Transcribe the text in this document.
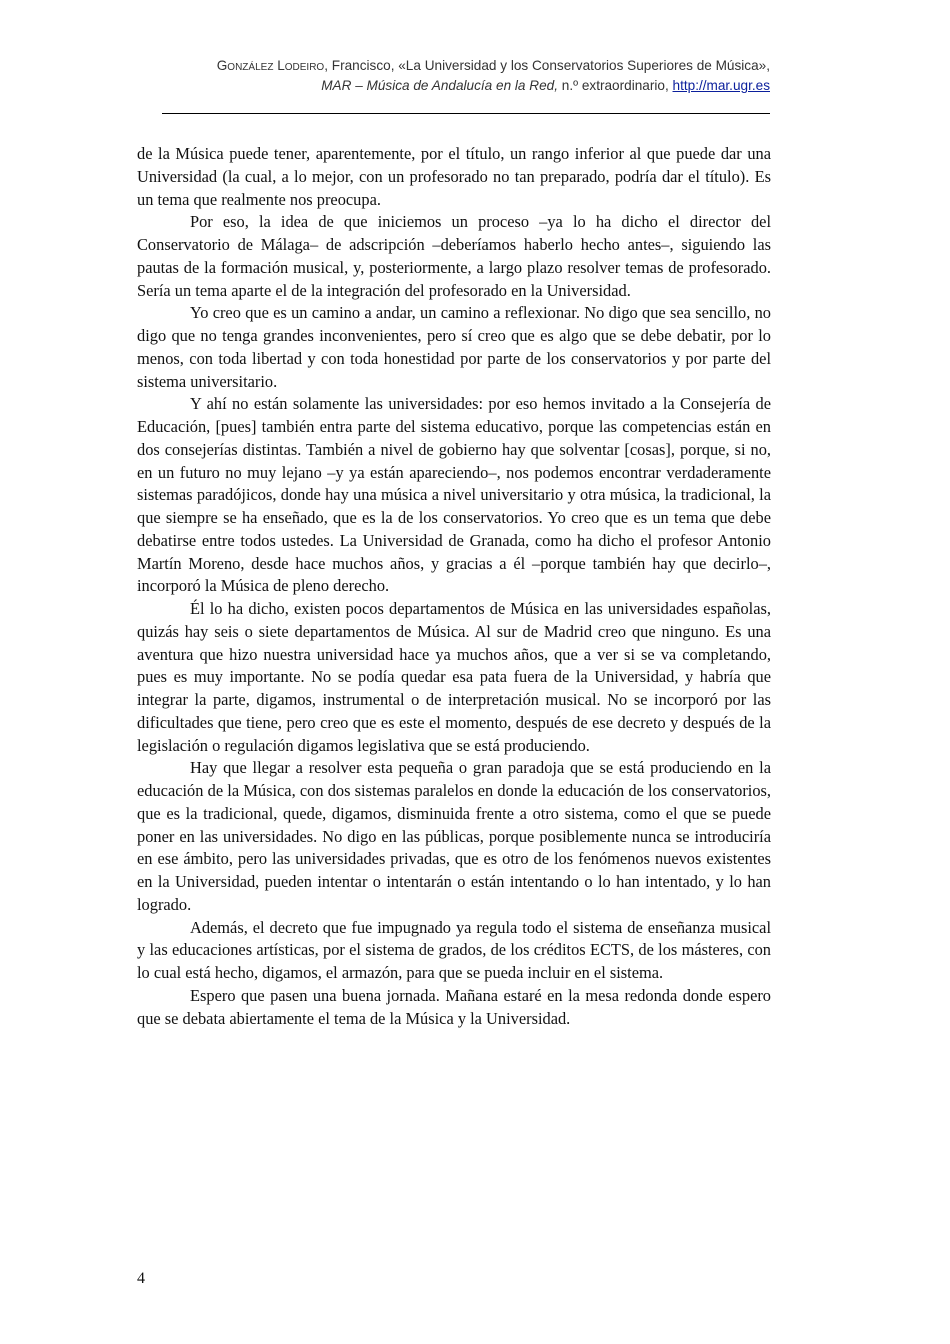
González Lodeiro, Francisco, «La Universidad y los Conservatorios Superiores de Música»,
MAR – Música de Andalucía en la Red, n.º extraordinario, http://mar.ugr.es

de la Música puede tener, aparentemente, por el título, un rango inferior al que puede dar una Universidad (la cual, a lo mejor, con un profesorado no tan preparado, podría dar el título). Es un tema que realmente nos preocupa.

Por eso, la idea de que iniciemos un proceso –ya lo ha dicho el director del Conservatorio de Málaga– de adscripción –deberíamos haberlo hecho antes–, siguiendo las pautas de la formación musical, y, posteriormente, a largo plazo resolver temas de profesorado. Sería un tema aparte el de la integración del profesorado en la Universidad.

Yo creo que es un camino a andar, un camino a reflexionar. No digo que sea sencillo, no digo que no tenga grandes inconvenientes, pero sí creo que es algo que se debe debatir, por lo menos, con toda libertad y con toda honestidad por parte de los conservatorios y por parte del sistema universitario.

Y ahí no están solamente las universidades: por eso hemos invitado a la Consejería de Educación, [pues] también entra parte del sistema educativo, porque las competencias están en dos consejerías distintas. También a nivel de gobierno hay que solventar [cosas], porque, si no, en un futuro no muy lejano –y ya están apareciendo–, nos podemos encontrar verdaderamente sistemas paradójicos, donde hay una música a nivel universitario y otra música, la tradicional, la que siempre se ha enseñado, que es la de los conservatorios. Yo creo que es un tema que debe debatirse entre todos ustedes. La Universidad de Granada, como ha dicho el profesor Antonio Martín Moreno, desde hace muchos años, y gracias a él –porque también hay que decirlo–, incorporó la Música de pleno derecho.

Él lo ha dicho, existen pocos departamentos de Música en las universidades españolas, quizás hay seis o siete departamentos de Música. Al sur de Madrid creo que ninguno. Es una aventura que hizo nuestra universidad hace ya muchos años, que a ver si se va completando, pues es muy importante. No se podía quedar esa pata fuera de la Universidad, y habría que integrar la parte, digamos, instrumental o de interpretación musical. No se incorporó por las dificultades que tiene, pero creo que es este el momento, después de ese decreto y después de la legislación o regulación digamos legislativa que se está produciendo.

Hay que llegar a resolver esta pequeña o gran paradoja que se está produciendo en la educación de la Música, con dos sistemas paralelos en donde la educación de los conservatorios, que es la tradicional, quede, digamos, disminuida frente a otro sistema, como el que se puede poner en las universidades. No digo en las públicas, porque posiblemente nunca se introduciría en ese ámbito, pero las universidades privadas, que es otro de los fenómenos nuevos existentes en la Universidad, pueden intentar o intentarán o están intentando o lo han intentado, y lo han logrado.

Además, el decreto que fue impugnado ya regula todo el sistema de enseñanza musical y las educaciones artísticas, por el sistema de grados, de los créditos ECTS, de los másteres, con lo cual está hecho, digamos, el armazón, para que se pueda incluir en el sistema.

Espero que pasen una buena jornada. Mañana estaré en la mesa redonda donde espero que se debata abiertamente el tema de la Música y la Universidad.

4
